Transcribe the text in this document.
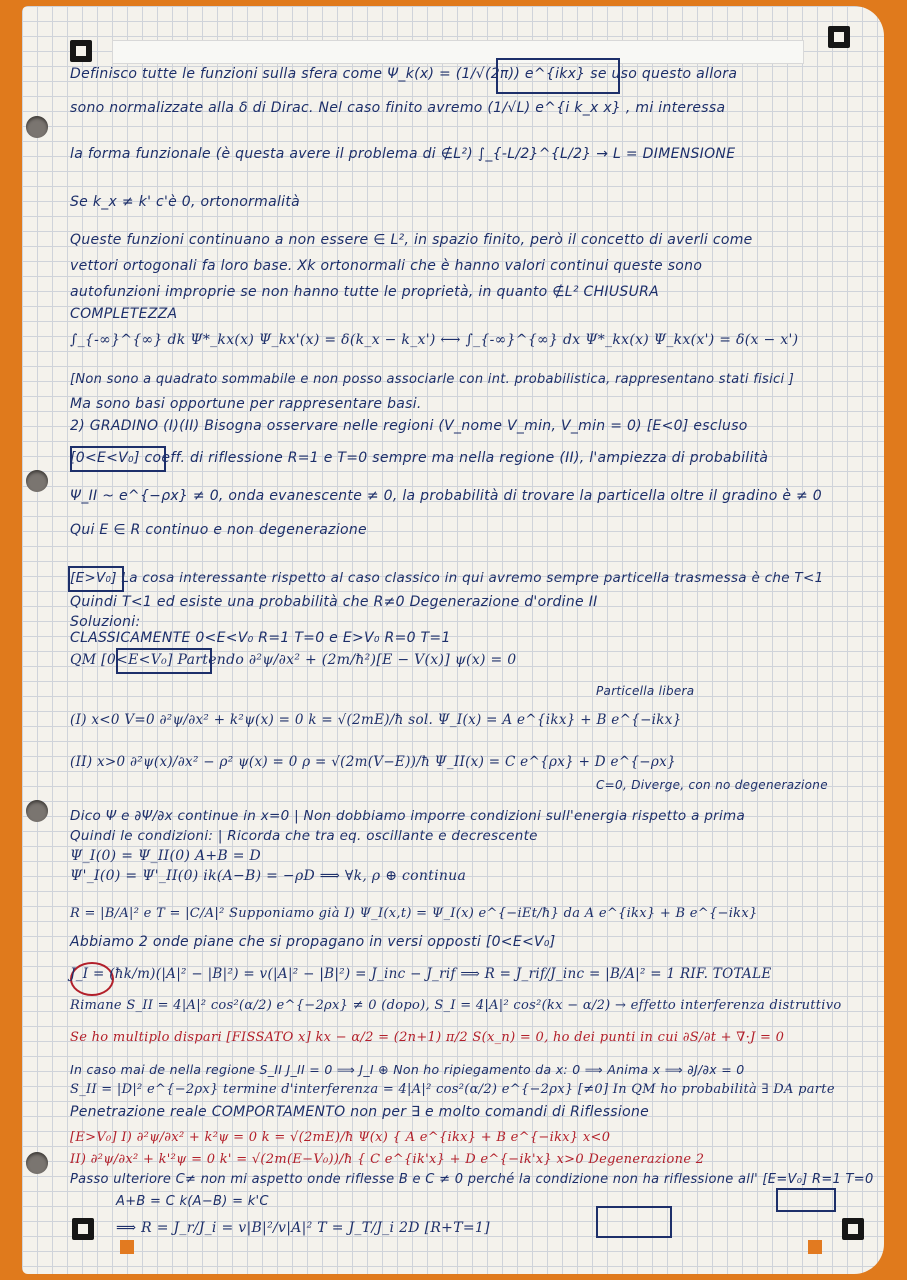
Definisco tutte le funzioni sulla sfera come Ψ_k(x) = (1/√(2π)) e^{ikx} se uso questo allora
sono normalizzate alla δ di Dirac. Nel caso finito avremo (1/√L) e^{i k_x x} , mi interessa
la forma funzionale (è questa avere il problema di ∉L²) ∫_{-L/2}^{L/2} → L = DIMENSIONE
Se k_x ≠ k' c'è 0, ortonormalità
Queste funzioni continuano a non essere ∈ L², in spazio finito, però il concetto di averli come
vettori ortogonali fa loro base. Xk ortonormali che è hanno valori continui queste sono
autofunzioni improprie se non hanno tutte le proprietà, in quanto ∉L² CHIUSURA
COMPLETEZZA
∫_{-∞}^{∞} dk Ψ*_kx(x) Ψ_kx'(x) = δ(k_x − k_x') ⟷ ∫_{-∞}^{∞} dx Ψ*_kx(x) Ψ_kx(x') = δ(x − x')
[Non sono a quadrato sommabile e non posso associarle con int. probabilistica, rappresentano stati fisici ]
Ma sono basi opportune per rappresentare basi.
2) GRADINO (I)(II) Bisogna osservare nelle regioni (V_nome V_min, V_min = 0) [E<0] escluso
[0<E<V₀] coeff. di riflessione R=1 e T=0 sempre ma nella regione (II), l'ampiezza di probabilità
Ψ_II ~ e^{−ρx} ≠ 0, onda evanescente ≠ 0, la probabilità di trovare la particella oltre il gradino è ≠ 0
Qui E ∈ R continuo e non degenerazione
[E>V₀] La cosa interessante rispetto al caso classico in qui avremo sempre particella trasmessa è che T<1
Quindi T<1 ed esiste una probabilità che R≠0 Degenerazione d'ordine II
Soluzioni:
CLASSICAMENTE 0<E<V₀ R=1 T=0 e E>V₀ R=0 T=1
QM [0<E<V₀] Partendo ∂²ψ/∂x² + (2m/ħ²)[E − V(x)] ψ(x) = 0
Particella libera
(I) x<0 V=0 ∂²ψ/∂x² + k²ψ(x) = 0 k = √(2mE)/ħ sol. Ψ_I(x) = A e^{ikx} + B e^{−ikx}
(II) x>0 ∂²ψ(x)/∂x² − ρ² ψ(x) = 0 ρ = √(2m(V−E))/ħ Ψ_II(x) = C e^{ρx} + D e^{−ρx}
C=0, Diverge, con no degenerazione
Dico Ψ e ∂Ψ/∂x continue in x=0 | Non dobbiamo imporre condizioni sull'energia rispetto a prima
Quindi le condizioni: | Ricorda che tra eq. oscillante e decrescente
Ψ_I(0) = Ψ_II(0) A+B = D
Ψ'_I(0) = Ψ'_II(0) ik(A−B) = −ρD ⟹ ∀k, ρ ⊕ continua
R = |B/A|² e T = |C/A|² Supponiamo già I) Ψ_I(x,t) = Ψ_I(x) e^{−iEt/ħ} da A e^{ikx} + B e^{−ikx}
Abbiamo 2 onde piane che si propagano in versi opposti [0<E<V₀]
J_I = (ħk/m)(|A|² − |B|²) = v(|A|² − |B|²) = J_inc − J_rif ⟹ R = J_rif/J_inc = |B/A|² = 1 RIF. TOTALE
Rimane S_II = 4|A|² cos²(α/2) e^{−2ρx} ≠ 0 (dopo), S_I = 4|A|² cos²(kx − α/2) → effetto interferenza distruttivo
Se ho multiplo dispari [FISSATO x] kx − α/2 = (2n+1) π/2 S(x_n) = 0, ho dei punti in cui ∂S/∂t + ∇·J = 0
In caso mai de nella regione S_II J_II = 0 ⟹ J_I ⊕ Non ho ripiegamento da x: 0 ⟹ Anima x ⟹ ∂J/∂x = 0
S_II = |D|² e^{−2ρx} termine d'interferenza = 4|A|² cos²(α/2) e^{−2ρx} [≠0] In QM ho probabilità ∃ DA parte
Penetrazione reale COMPORTAMENTO non per ∃ e molto comandi di Riflessione
[E>V₀] I) ∂²ψ/∂x² + k²ψ = 0 k = √(2mE)/ħ Ψ(x) { A e^{ikx} + B e^{−ikx} x<0
II) ∂²ψ/∂x² + k'²ψ = 0 k' = √(2m(E−V₀))/ħ { C e^{ik'x} + D e^{−ik'x} x>0 Degenerazione 2
Passo ulteriore C≠ non mi aspetto onde riflesse B e C ≠ 0 perché la condizione non ha riflessione all' [E=V₀] R=1 T=0
A+B = C k(A−B) = k'C
⟹ R = J_r/J_i = v|B|²/v|A|² T = J_T/J_i 2D [R+T=1]
